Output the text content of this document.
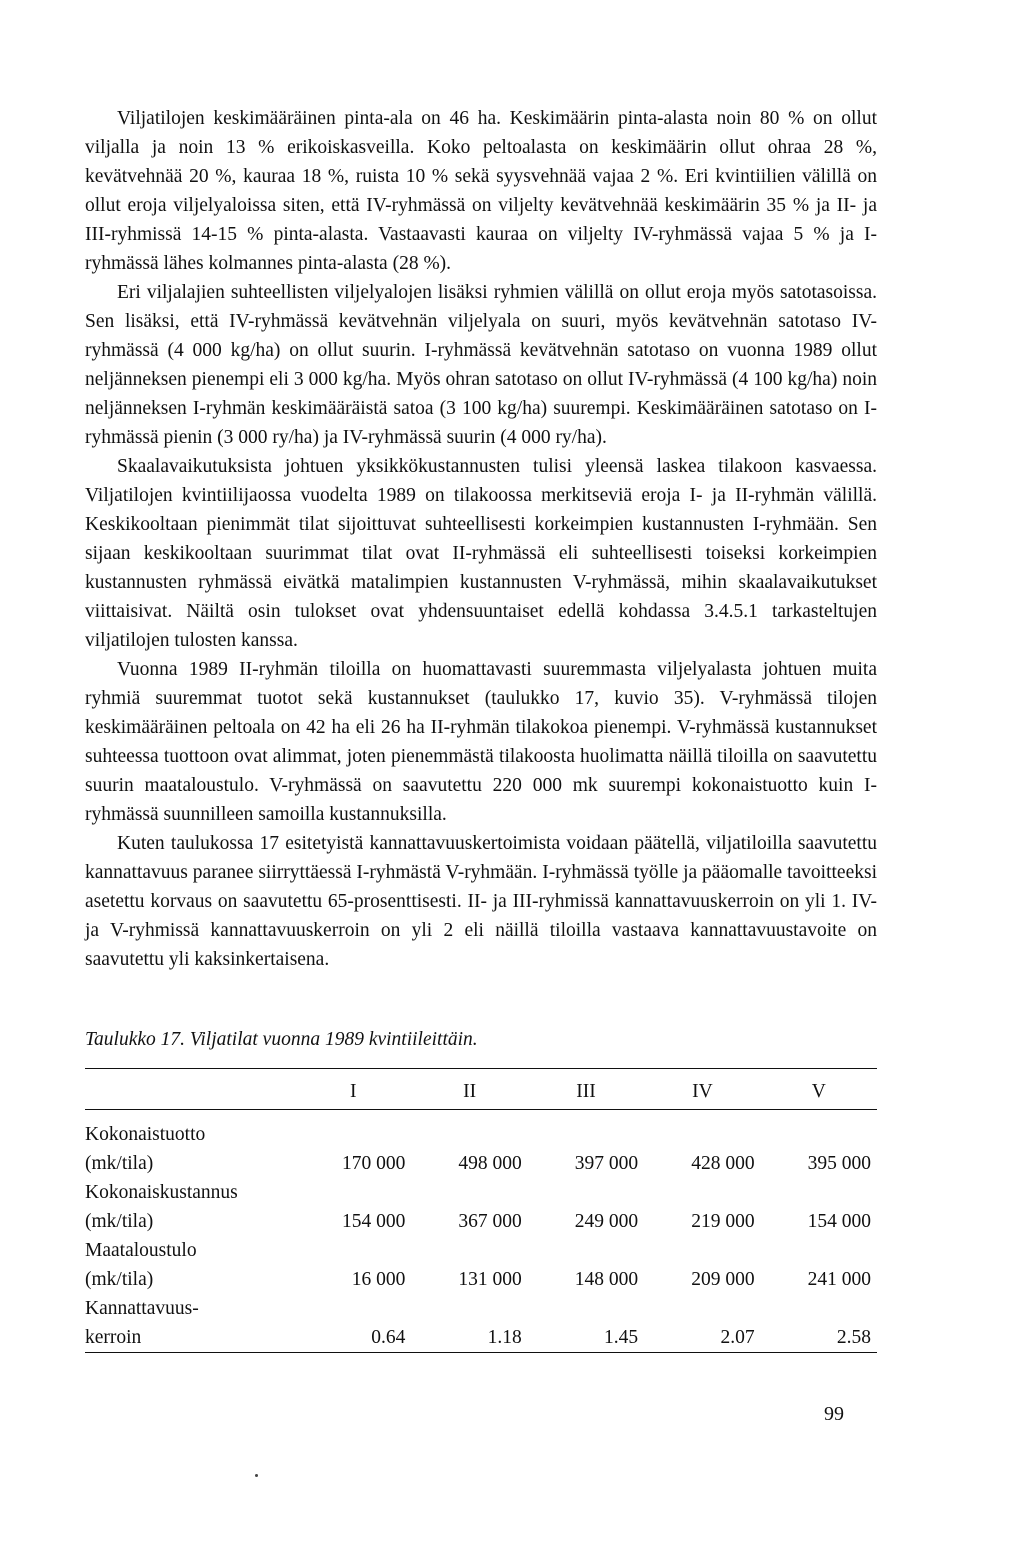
Viljatilojen keskimääräinen pinta-ala on 46 ha. Keskimäärin pinta-alasta noin 80 % on ollut viljalla ja noin 13 % erikoiskasveilla. Koko peltoalasta on keskimäärin ollut ohraa 28 %, kevätvehnää 20 %, kauraa 18 %, ruista 10 % sekä syysvehnää vajaa 2 %. Eri kvintiilien välillä on ollut eroja viljelyaloissa siten, että IV-ryhmässä on viljelty kevätvehnää keskimäärin 35 % ja II- ja III-ryhmissä 14-15 % pinta-alasta. Vastaavasti kauraa on viljelty IV-ryhmässä vajaa 5 % ja I-ryhmässä lähes kolmannes pinta-alasta (28 %).

Eri viljalajien suhteellisten viljelyalojen lisäksi ryhmien välillä on ollut eroja myös satotasoissa. Sen lisäksi, että IV-ryhmässä kevätvehnän viljelyala on suuri, myös kevätvehnän satotaso IV-ryhmässä (4 000 kg/ha) on ollut suurin. I-ryhmässä kevätvehnän satotaso on vuonna 1989 ollut neljänneksen pienempi eli 3 000 kg/ha. Myös ohran satotaso on ollut IV-ryhmässä (4 100 kg/ha) noin neljänneksen I-ryhmän keskimääräistä satoa (3 100 kg/ha) suurempi. Keskimääräinen satotaso on I-ryhmässä pienin (3 000 ry/ha) ja IV-ryhmässä suurin (4 000 ry/ha).

Skaalavaikutuksista johtuen yksikkökustannusten tulisi yleensä laskea tilakoon kasvaessa. Viljatilojen kvintiilijaossa vuodelta 1989 on tilakoossa merkitseviä eroja I- ja II-ryhmän välillä. Keskikooltaan pienimmät tilat sijoittuvat suhteellisesti korkeimpien kustannusten I-ryhmään. Sen sijaan keskikooltaan suurimmat tilat ovat II-ryhmässä eli suhteellisesti toiseksi korkeimpien kustannusten ryhmässä eivätkä matalimpien kustannusten V-ryhmässä, mihin skaalavaikutukset viittaisivat. Näiltä osin tulokset ovat yhdensuuntaiset edellä kohdassa 3.4.5.1 tarkasteltujen viljatilojen tulosten kanssa.

Vuonna 1989 II-ryhmän tiloilla on huomattavasti suuremmasta viljelyalasta johtuen muita ryhmiä suuremmat tuotot sekä kustannukset (taulukko 17, kuvio 35). V-ryhmässä tilojen keskimääräinen peltoala on 42 ha eli 26 ha II-ryhmän tilakokoa pienempi. V-ryhmässä kustannukset suhteessa tuottoon ovat alimmat, joten pienemmästä tilakoosta huolimatta näillä tiloilla on saavutettu suurin maataloustulo. V-ryhmässä on saavutettu 220 000 mk suurempi kokonaistuotto kuin I-ryhmässä suunnilleen samoilla kustannuksilla.

Kuten taulukossa 17 esitetyistä kannattavuuskertoimista voidaan päätellä, viljatiloilla saavutettu kannattavuus paranee siirryttäessä I-ryhmästä V-ryhmään. I-ryhmässä työlle ja pääomalle tavoitteeksi asetettu korvaus on saavutettu 65-prosenttisesti. II- ja III-ryhmissä kannattavuuskerroin on yli 1. IV- ja V-ryhmissä kannattavuuskerroin on yli 2 eli näillä tiloilla vastaava kannattavuustavoite on saavutettu yli kaksinkertaisena.

Taulukko 17. Viljatilat vuonna 1989 kvintiileittäin.

	I	II	III	IV	V

Kokonaistuotto					
(mk/tila)	170 000	498 000	397 000	428 000	395 000
Kokonaiskustannus					
(mk/tila)	154 000	367 000	249 000	219 000	154 000
Maataloustulo					
(mk/tila)	16 000	131 000	148 000	209 000	241 000
Kannattavuus-					
kerroin	0.64	1.18	1.45	2.07	2.58
99
